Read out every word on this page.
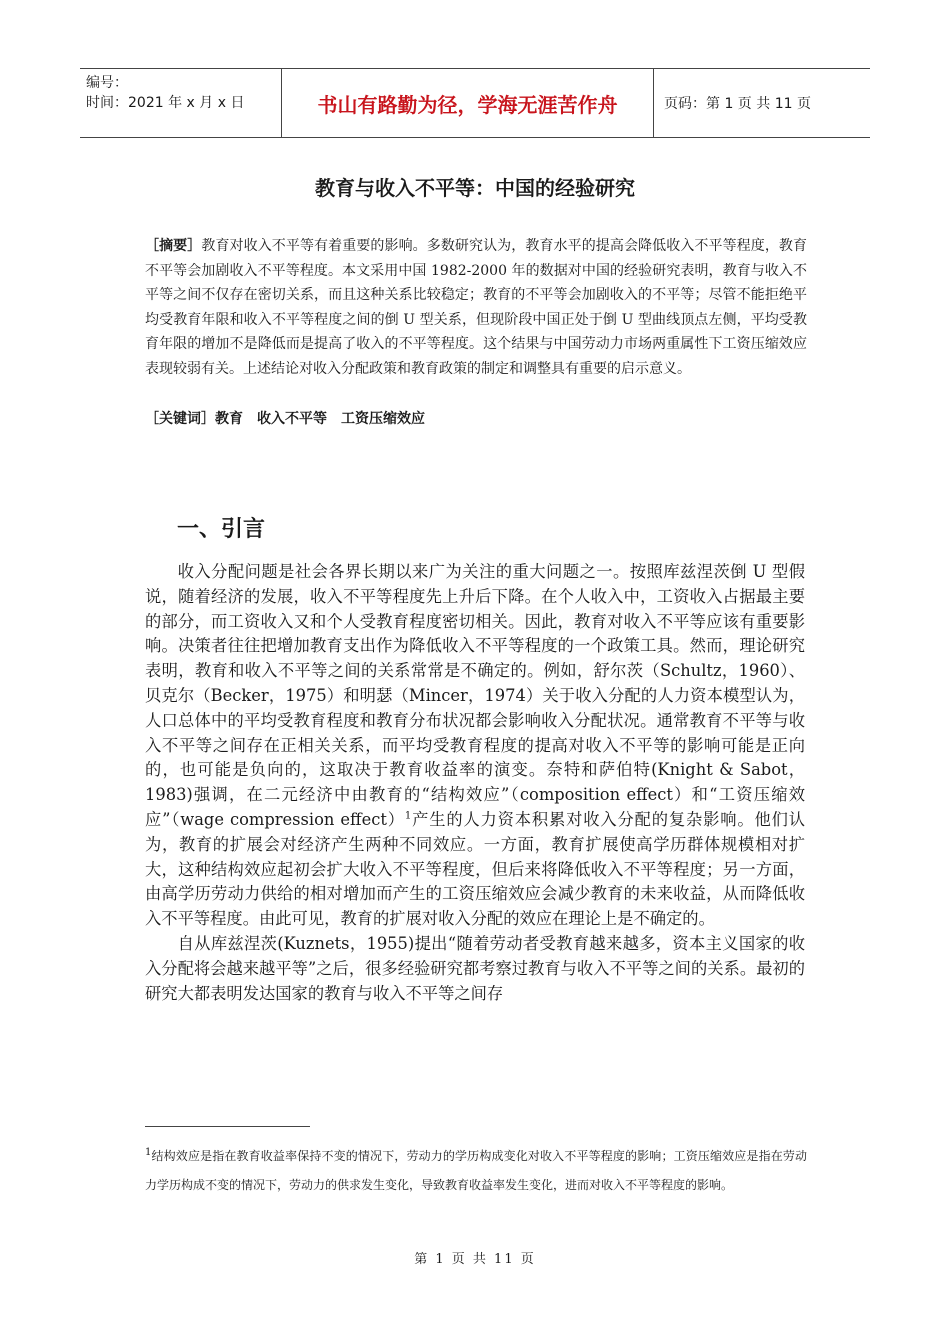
编号：
时间：2021 年 x 月 x 日	书山有路勤为径，学海无涯苦作舟	页码：第 1 页 共 11 页
教育与收入不平等：中国的经验研究
［摘要］教育对收入不平等有着重要的影响。多数研究认为，教育水平的提高会降低收入不平等程度，教育不平等会加剧收入不平等程度。本文采用中国 1982-2000 年的数据对中国的经验研究表明，教育与收入不平等之间不仅存在密切关系，而且这种关系比较稳定；教育的不平等会加剧收入的不平等；尽管不能拒绝平均受教育年限和收入不平等程度之间的倒 U 型关系，但现阶段中国正处于倒 U 型曲线顶点左侧，平均受教育年限的增加不是降低而是提高了收入的不平等程度。这个结果与中国劳动力市场两重属性下工资压缩效应表现较弱有关。上述结论对收入分配政策和教育政策的制定和调整具有重要的启示意义。
［关键词］教育 收入不平等 工资压缩效应
一、引言

收入分配问题是社会各界长期以来广为关注的重大问题之一。按照库兹涅茨倒 U 型假说，随着经济的发展，收入不平等程度先上升后下降。在个人收入中，工资收入占据最主要的部分，而工资收入又和个人受教育程度密切相关。因此，教育对收入不平等应该有重要影响。决策者往往把增加教育支出作为降低收入不平等程度的一个政策工具。然而，理论研究表明，教育和收入不平等之间的关系常常是不确定的。例如，舒尔茨（Schultz，1960）、贝克尔（Becker，1975）和明瑟（Mincer，1974）关于收入分配的人力资本模型认为，人口总体中的平均受教育程度和教育分布状况都会影响收入分配状况。通常教育不平等与收入不平等之间存在正相关关系，而平均受教育程度的提高对收入不平等的影响可能是正向的，也可能是负向的，这取决于教育收益率的演变。奈特和萨伯特(Knight & Sabot，1983)强调，在二元经济中由教育的“结构效应”（composition effect）和“工资压缩效应”（wage compression effect）$^1$产生的人力资本积累对收入分配的复杂影响。他们认为，教育的扩展会对经济产生两种不同效应。一方面，教育扩展使高学历群体规模相对扩大，这种结构效应起初会扩大收入不平等程度，但后来将降低收入不平等程度；另一方面，由高学历劳动力供给的相对增加而产生的工资压缩效应会减少教育的未来收益，从而降低收入不平等程度。由此可见，教育的扩展对收入分配的效应在理论上是不确定的。

自从库兹涅茨(Kuznets，1955)提出“随着劳动者受教育越来越多，资本主义国家的收入分配将会越来越平等”之后，很多经验研究都考察过教育与收入不平等之间的关系。最初的研究大都表明发达国家的教育与收入不平等之间存

$^1$结构效应是指在教育收益率保持不变的情况下，劳动力的学历构成变化对收入不平等程度的影响；工资压缩效应是指在劳动力学历构成不变的情况下，劳动力的供求发生变化，导致教育收益率发生变化，进而对收入不平等程度的影响。
第 1 页 共 11 页
